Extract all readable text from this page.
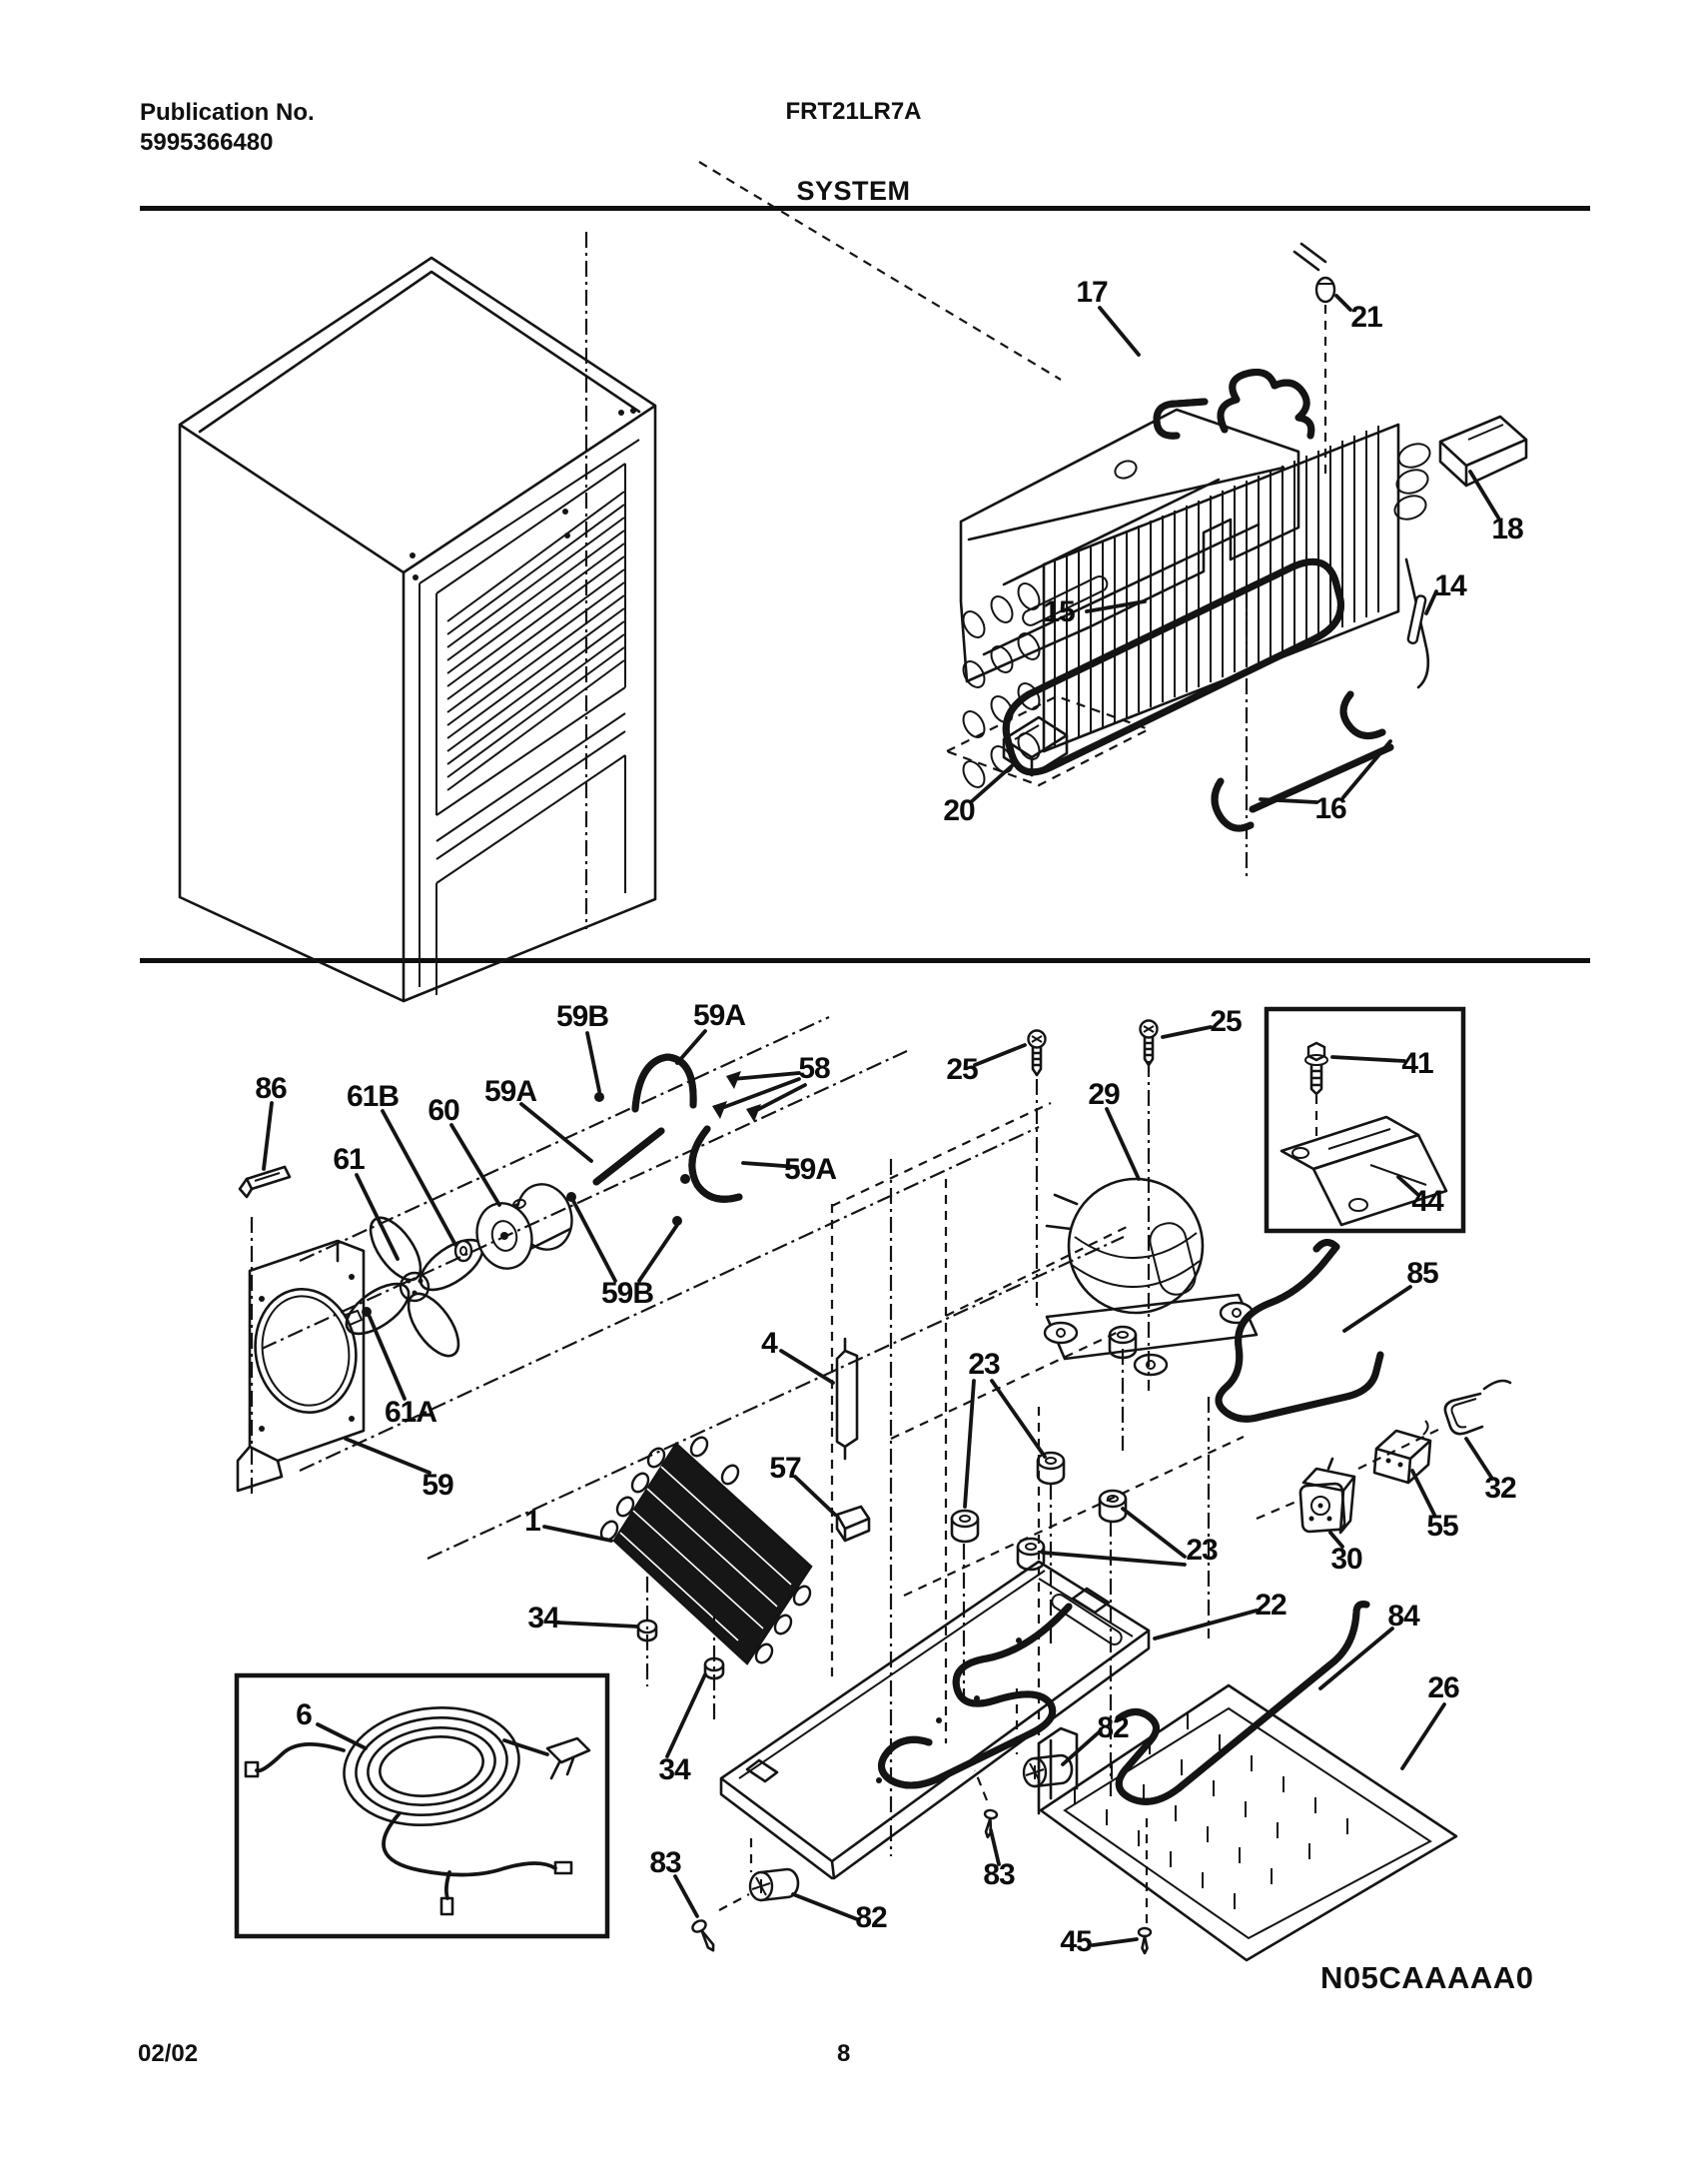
Publication No.
5995366480
FRT21LR7A
SYSTEM
17
21
18
14
15
20	16
86 61B 60
59A
59B	59A
58
59A
61
59B
61A
59
1
34
34
6
4
57
23
23
25
25
29
41
44
85
32
55
30
22	84
26
82
82
83	83
45
N05CAAAAA0
02/02	8
